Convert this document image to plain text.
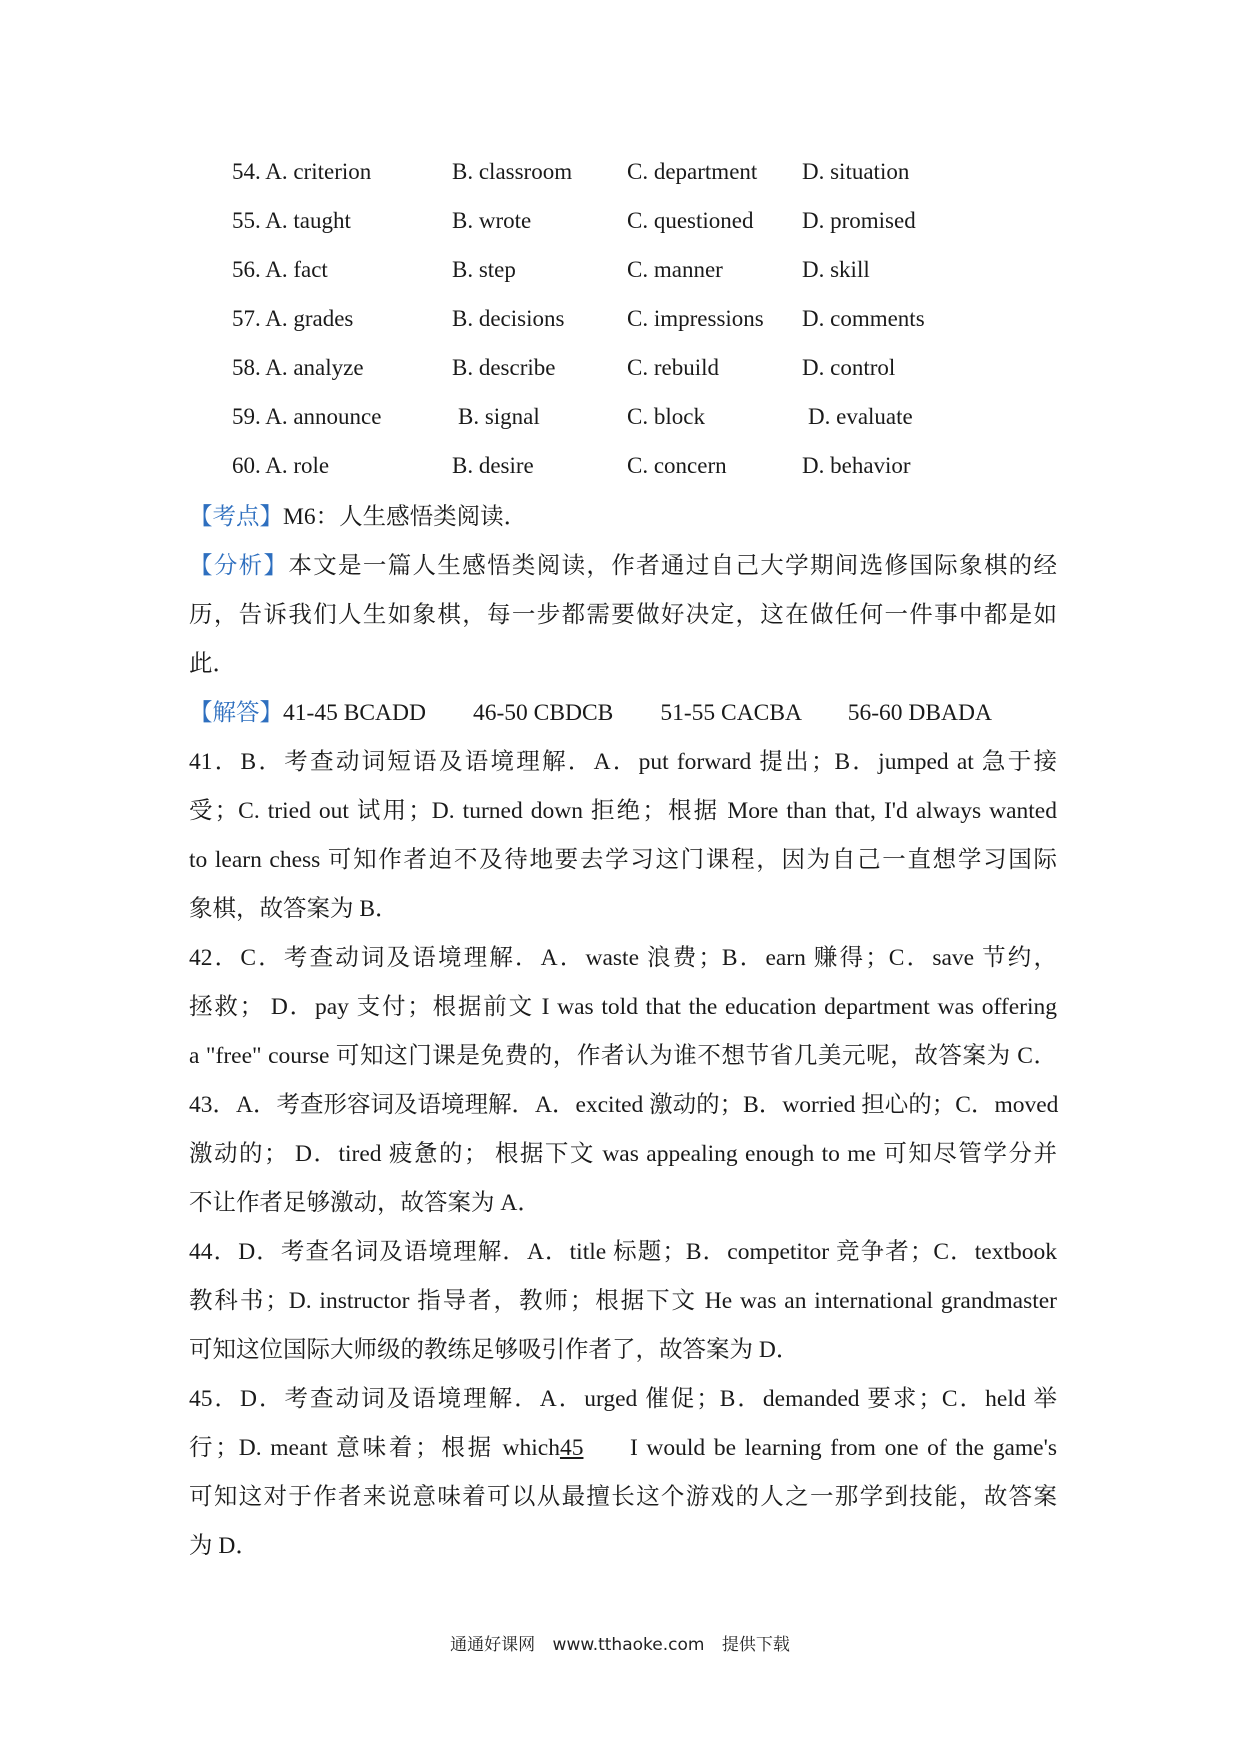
54. A. criterion	B. classroom C. department D. situation
55. A. taught	B. wrote	C. questioned D. promised
56. A. fact	B. step	C. manner	D. skill
57. A. grades	B. decisions	C. impressions D. comments
58. A. analyze	B. describe	C. rebuild	D. control
59. A. announce	B. signal	C. block	D. evaluate
60. A. role	B. desire	C. concern	D. behavior
【考点】M6：人生感悟类阅读．
【分析】本文是一篇人生感悟类阅读，作者通过自己大学期间选修国际象棋的经
历，告诉我们人生如象棋，每一步都需要做好决定，这在做任何一件事中都是如
此．
【解答】41-45 BCADD　　46-50 CBDCB　　51-55 CACBA　　56-60 DBADA
41．B．考查动词短语及语境理解．A．put forward 提出；B．jumped at 急于接
受；C. tried out 试用；D. turned down 拒绝；根据 More than that, I'd always wanted
to learn chess 可知作者迫不及待地要去学习这门课程，因为自己一直想学习国际
象棋，故答案为 B．
42．C．考查动词及语境理解．A．waste 浪费；B．earn 赚得；C．save 节约，
拯救； D．pay 支付；根据前文 I was told that the education department was offering
a "free" course 可知这门课是免费的，作者认为谁不想节省几美元呢，故答案为 C．
43．A．考查形容词及语境理解．A．excited 激动的；B．worried 担心的；C．moved
激动的； D．tired 疲惫的； 根据下文 was appealing enough to me 可知尽管学分并
不让作者足够激动，故答案为 A．
44．D．考查名词及语境理解．A．title 标题；B．competitor 竞争者；C．textbook
教科书；D. instructor 指导者，教师；根据下文 He was an international grandmaster
可知这位国际大师级的教练足够吸引作者了，故答案为 D．
45．D．考查动词及语境理解．A．urged 催促；B．demanded 要求；C．held 举
行；D. meant 意味着；根据 which45 I would be learning from one of the game's
可知这对于作者来说意味着可以从最擅长这个游戏的人之一那学到技能，故答案
为 D．
通通好课网 www.tthaoke.com 提供下载
